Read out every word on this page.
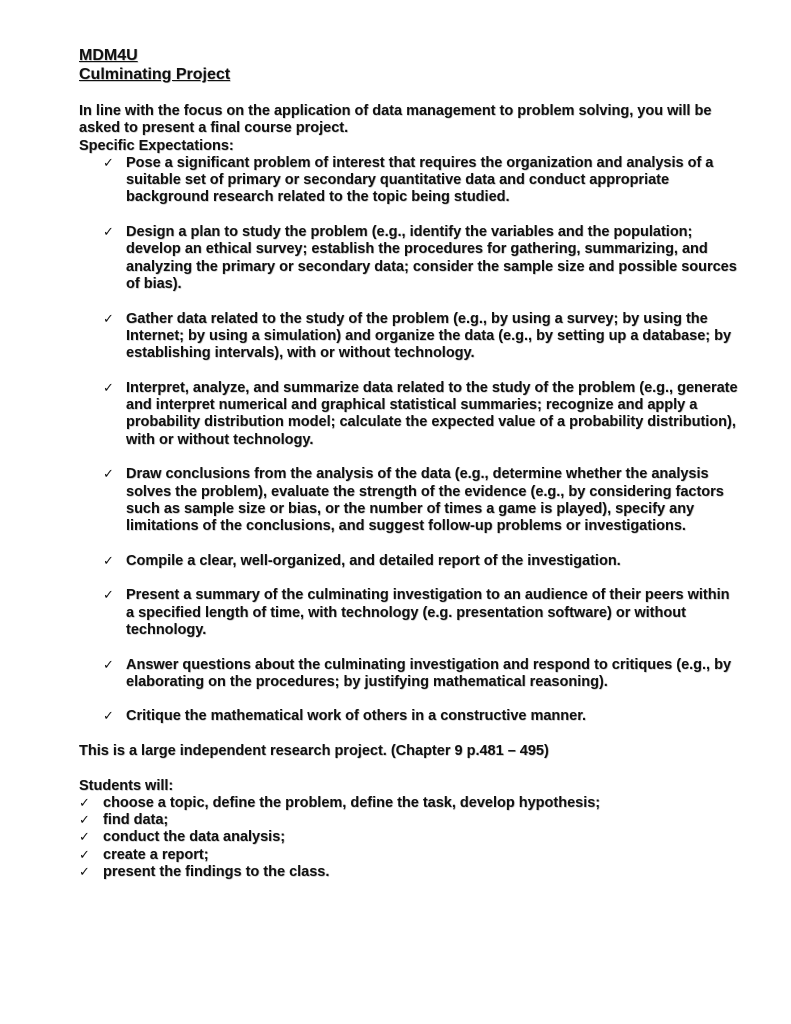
MDM4U

Culminating Project

In line with the focus on the application of data management to problem solving, you will be asked to present a final course project.

Specific Expectations:

✓ Pose a significant problem of interest that requires the organization and analysis of a suitable set of primary or secondary quantitative data and conduct appropriate background research related to the topic being studied.
✓ Design a plan to study the problem (e.g., identify the variables and the population; develop an ethical survey; establish the procedures for gathering, summarizing, and analyzing the primary or secondary data; consider the sample size and possible sources of bias).
✓ Gather data related to the study of the problem (e.g., by using a survey; by using the Internet; by using a simulation) and organize the data (e.g., by setting up a database; by establishing intervals), with or without technology.
✓ Interpret, analyze, and summarize data related to the study of the problem (e.g., generate and interpret numerical and graphical statistical summaries; recognize and apply a probability distribution model; calculate the expected value of a probability distribution), with or without technology.
✓ Draw conclusions from the analysis of the data (e.g., determine whether the analysis solves the problem), evaluate the strength of the evidence (e.g., by considering factors such as sample size or bias, or the number of times a game is played), specify any limitations of the conclusions, and suggest follow-up problems or investigations.
✓ Compile a clear, well-organized, and detailed report of the investigation.
✓ Present a summary of the culminating investigation to an audience of their peers within a specified length of time, with technology (e.g. presentation software) or without technology.
✓ Answer questions about the culminating investigation and respond to critiques (e.g., by elaborating on the procedures; by justifying mathematical reasoning).
✓ Critique the mathematical work of others in a constructive manner.

This is a large independent research project. (Chapter 9 p.481 – 495)

Students will:

✓ choose a topic, define the problem, define the task, develop hypothesis;
✓ find data;
✓ conduct the data analysis;
✓ create a report;
✓ present the findings to the class.
